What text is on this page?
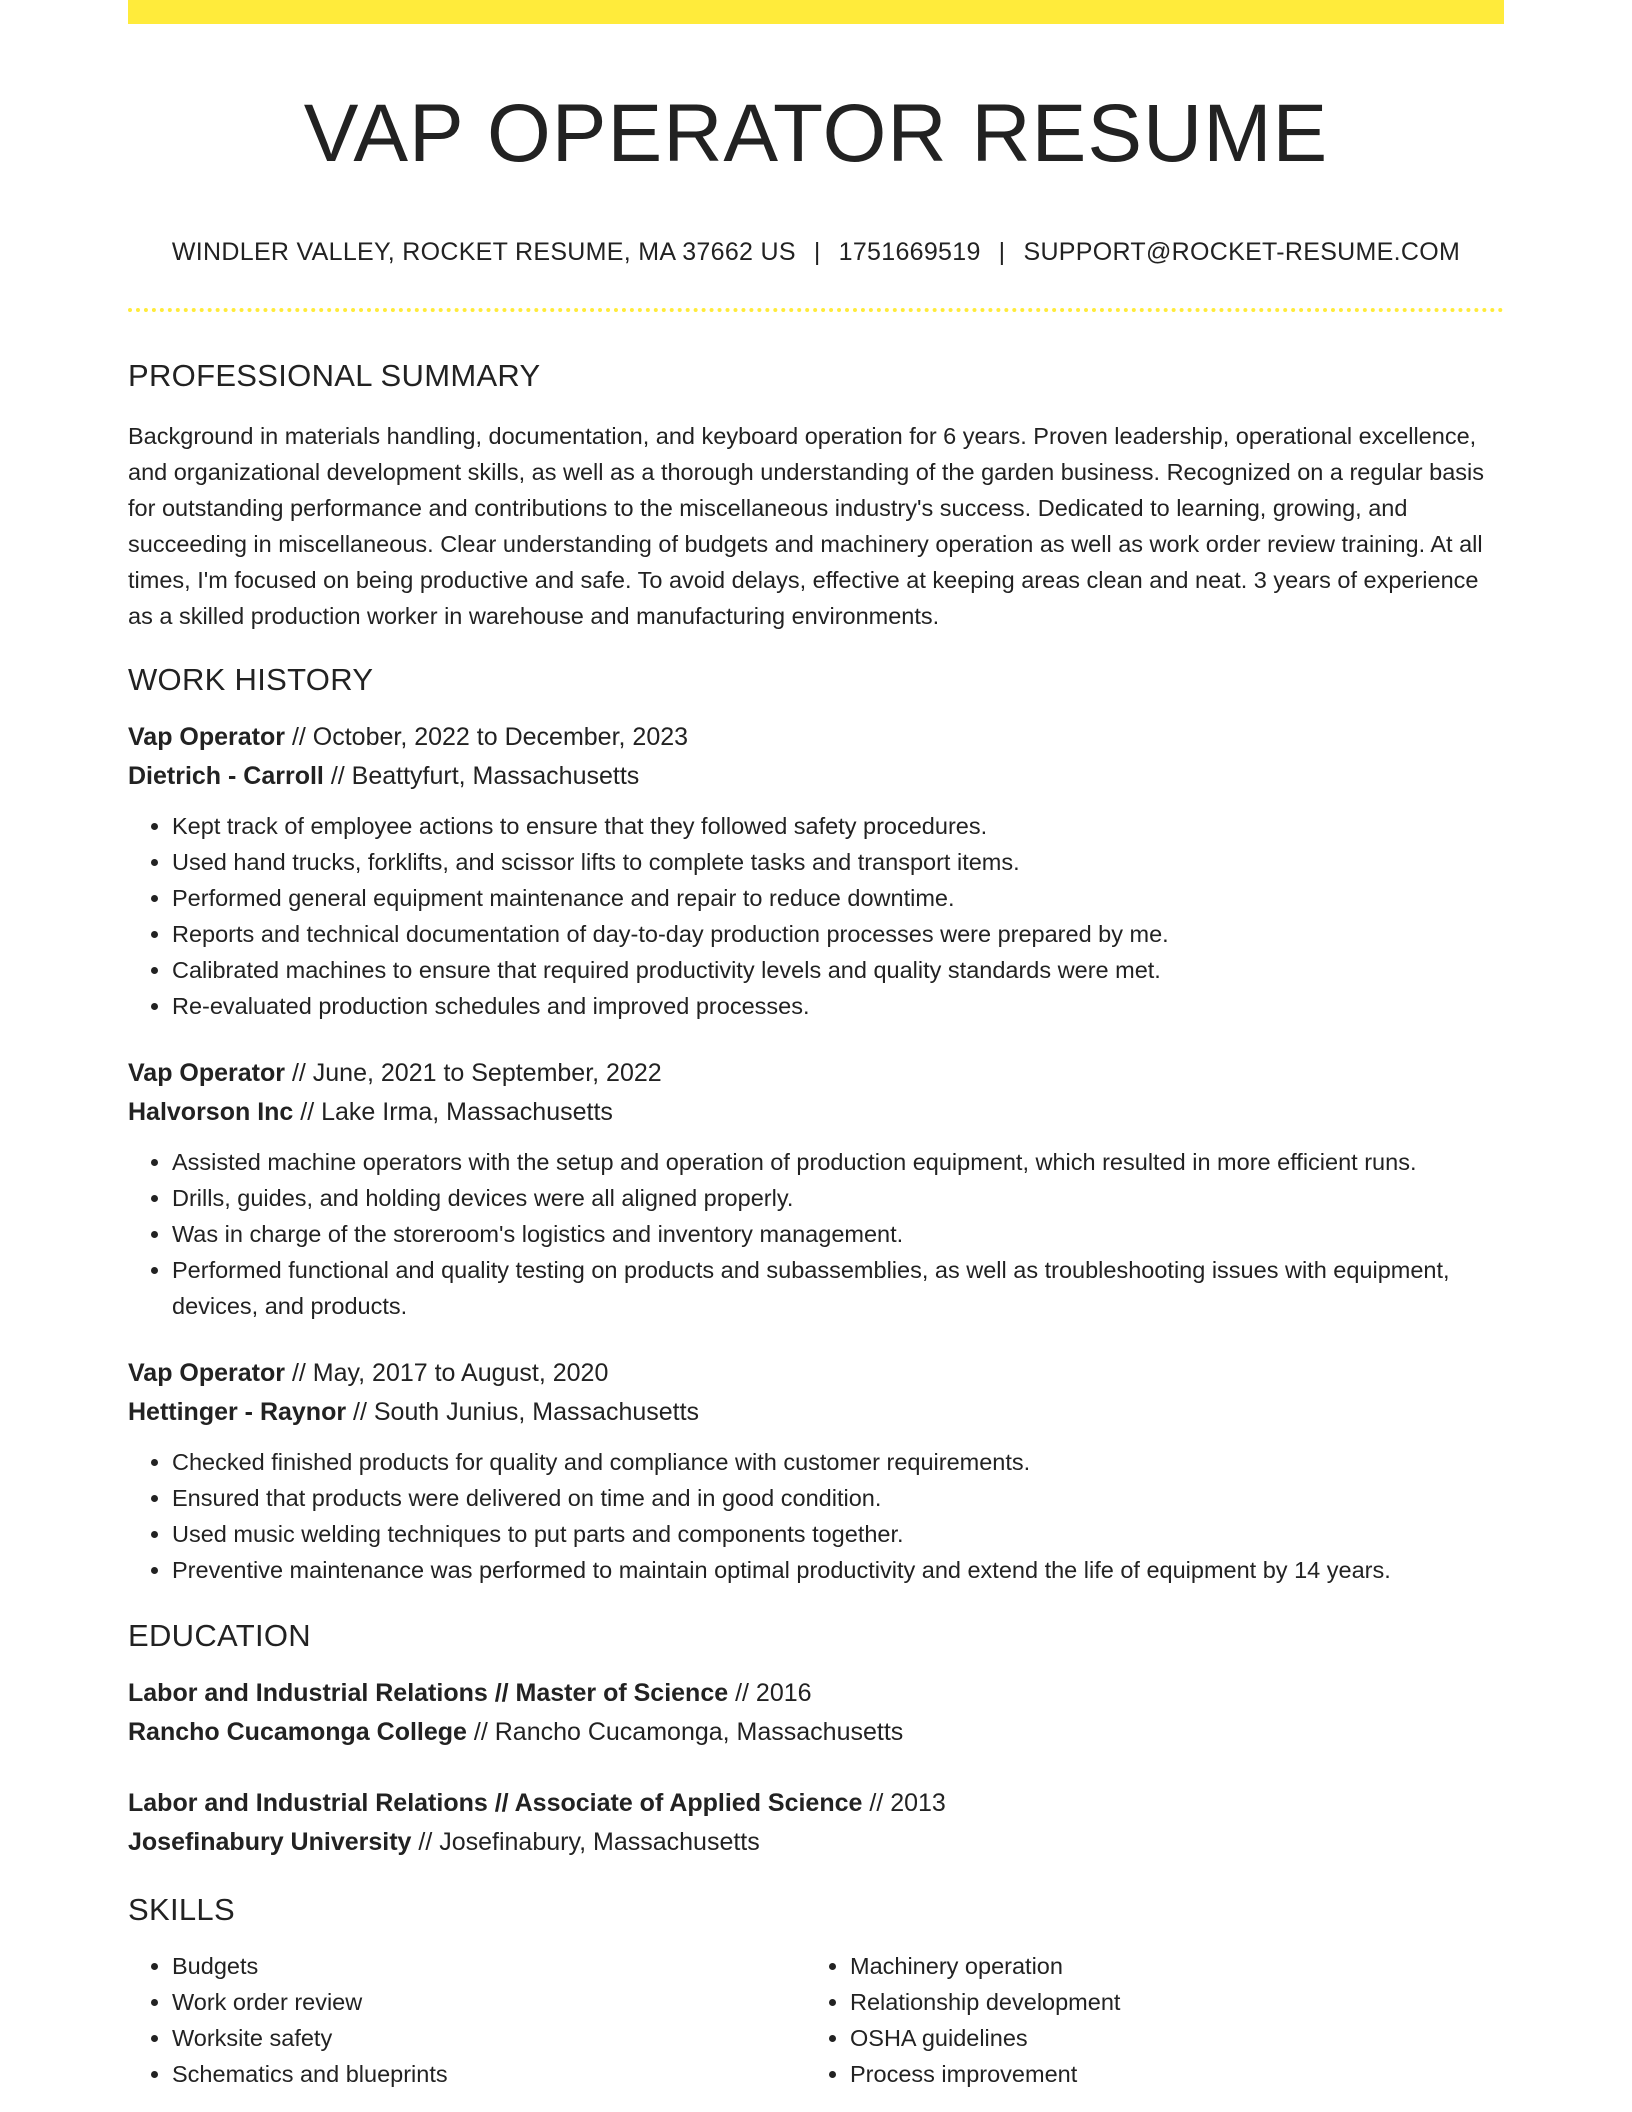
VAP OPERATOR RESUME
WINDLER VALLEY, ROCKET RESUME, MA 37662 US | 1751669519 | SUPPORT@ROCKET-RESUME.COM
PROFESSIONAL SUMMARY

Background in materials handling, documentation, and keyboard operation for 6 years. Proven leadership, operational excellence, and organizational development skills, as well as a thorough understanding of the garden business. Recognized on a regular basis for outstanding performance and contributions to the miscellaneous industry's success. Dedicated to learning, growing, and succeeding in miscellaneous. Clear understanding of budgets and machinery operation as well as work order review training. At all times, I'm focused on being productive and safe. To avoid delays, effective at keeping areas clean and neat. 3 years of experience as a skilled production worker in warehouse and manufacturing environments.

WORK HISTORY
Vap Operator // October, 2022 to December, 2023
Dietrich - Carroll // Beattyfurt, Massachusetts
• Kept track of employee actions to ensure that they followed safety procedures.
• Used hand trucks, forklifts, and scissor lifts to complete tasks and transport items.
• Performed general equipment maintenance and repair to reduce downtime.
• Reports and technical documentation of day-to-day production processes were prepared by me.
• Calibrated machines to ensure that required productivity levels and quality standards were met.
• Re-evaluated production schedules and improved processes.
Vap Operator // June, 2021 to September, 2022
Halvorson Inc // Lake Irma, Massachusetts
• Assisted machine operators with the setup and operation of production equipment, which resulted in more efficient runs.
• Drills, guides, and holding devices were all aligned properly.
• Was in charge of the storeroom's logistics and inventory management.
• Performed functional and quality testing on products and subassemblies, as well as troubleshooting issues with equipment, devices, and products.
Vap Operator // May, 2017 to August, 2020
Hettinger - Raynor // South Junius, Massachusetts
• Checked finished products for quality and compliance with customer requirements.
• Ensured that products were delivered on time and in good condition.
• Used music welding techniques to put parts and components together.
• Preventive maintenance was performed to maintain optimal productivity and extend the life of equipment by 14 years.
EDUCATION
Labor and Industrial Relations // Master of Science // 2016
Rancho Cucamonga College // Rancho Cucamonga, Massachusetts
Labor and Industrial Relations // Associate of Applied Science // 2013
Josefinabury University // Josefinabury, Massachusetts
SKILLS
• Budgets
• Work order review
• Worksite safety
• Schematics and blueprints
• Machinery operation
• Relationship development
• OSHA guidelines
• Process improvement
